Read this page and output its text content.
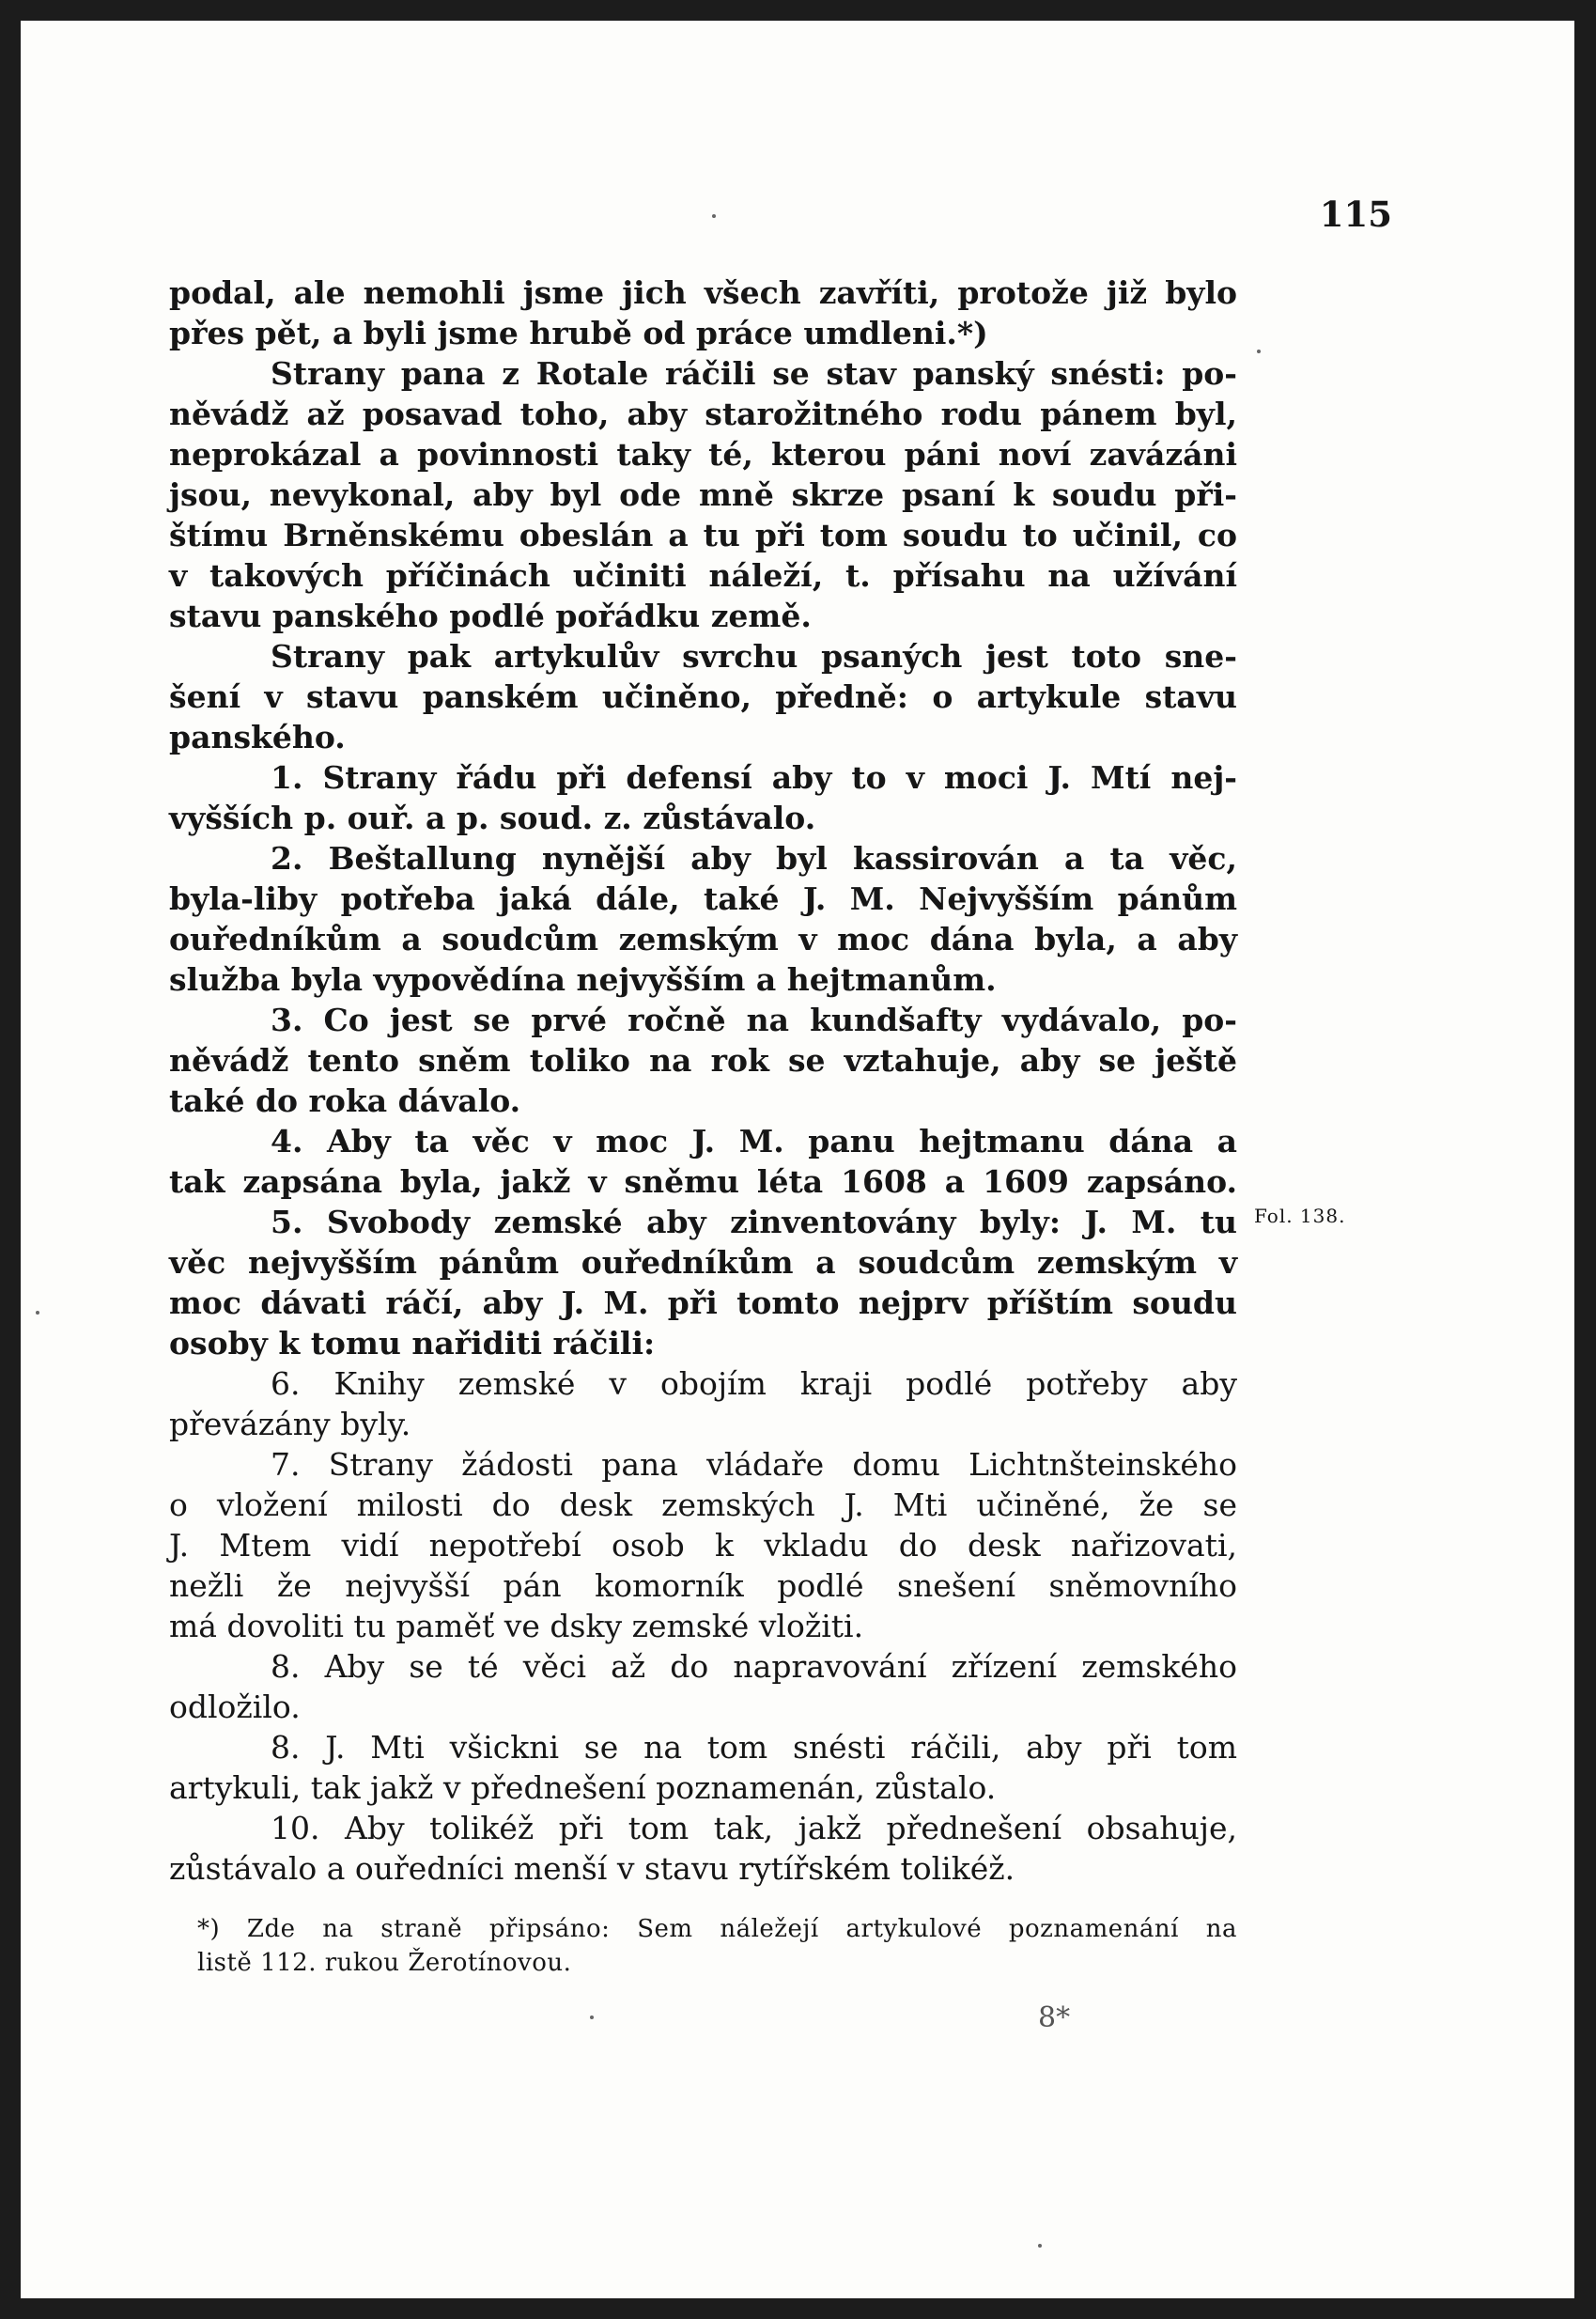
115
podal, ale nemohli jsme jich všech zavříti, protože již bylo
přes pět, a byli jsme hrubě od práce umdleni.*)
Strany pana z Rotale ráčili se stav panský snésti: po-
něvádž až posavad toho, aby starožitného rodu pánem byl,
neprokázal a povinnosti taky té, kterou páni noví zavázáni
jsou, nevykonal, aby byl ode mně skrze psaní k soudu při-
štímu Brněnskému obeslán a tu při tom soudu to učinil, co
v takových příčinách učiniti náleží, t. přísahu na užívání
stavu panského podlé pořádku země.
Strany pak artykulův svrchu psaných jest toto sne-
šení v stavu panském učiněno, předně: o artykule stavu
panského.
1. Strany řádu při defensí aby to v moci J. Mtí nej-
vyšších p. ouř. a p. soud. z. zůstávalo.
2. Beštallung nynější aby byl kassirován a ta věc,
byla-liby potřeba jaká dále, také J. M. Nejvyšším pánům
ouředníkům a soudcům zemským v moc dána byla, a aby
služba byla vypovědína nejvyšším a hejtmanům.
3. Co jest se prvé ročně na kundšafty vydávalo, po-
něvádž tento sněm toliko na rok se vztahuje, aby se ještě
také do roka dávalo.
4. Aby ta věc v moc J. M. panu hejtmanu dána a
tak zapsána byla, jakž v sněmu léta 1608 a 1609 zapsáno.
5. Svobody zemské aby zinventovány byly: J. M. tu
věc nejvyšším pánům ouředníkům a soudcům zemským v
moc dávati ráčí, aby J. M. při tomto nejprv příštím soudu
osoby k tomu nařiditi ráčili:
6. Knihy zemské v obojím kraji podlé potřeby aby
převázány byly.
7. Strany žádosti pana vládaře domu Lichtnšteinského
o vložení milosti do desk zemských J. Mti učiněné, že se
J. Mtem vidí nepotřebí osob k vkladu do desk nařizovati,
nežli že nejvyšší pán komorník podlé snešení sněmovního
má dovoliti tu paměť ve dsky zemské vložiti.
8. Aby se té věci až do napravování zřízení zemského
odložilo.
8. J. Mti všickni se na tom snésti ráčili, aby při tom
artykuli, tak jakž v přednešení poznamenán, zůstalo.
10. Aby tolikéž při tom tak, jakž přednešení obsahuje,
zůstávalo a ouředníci menší v stavu rytířském tolikéž.
Fol. 138.
*) Zde na straně připsáno: Sem náležejí artykulové poznamenání na
listě 112. rukou Žerotínovou.
8*
